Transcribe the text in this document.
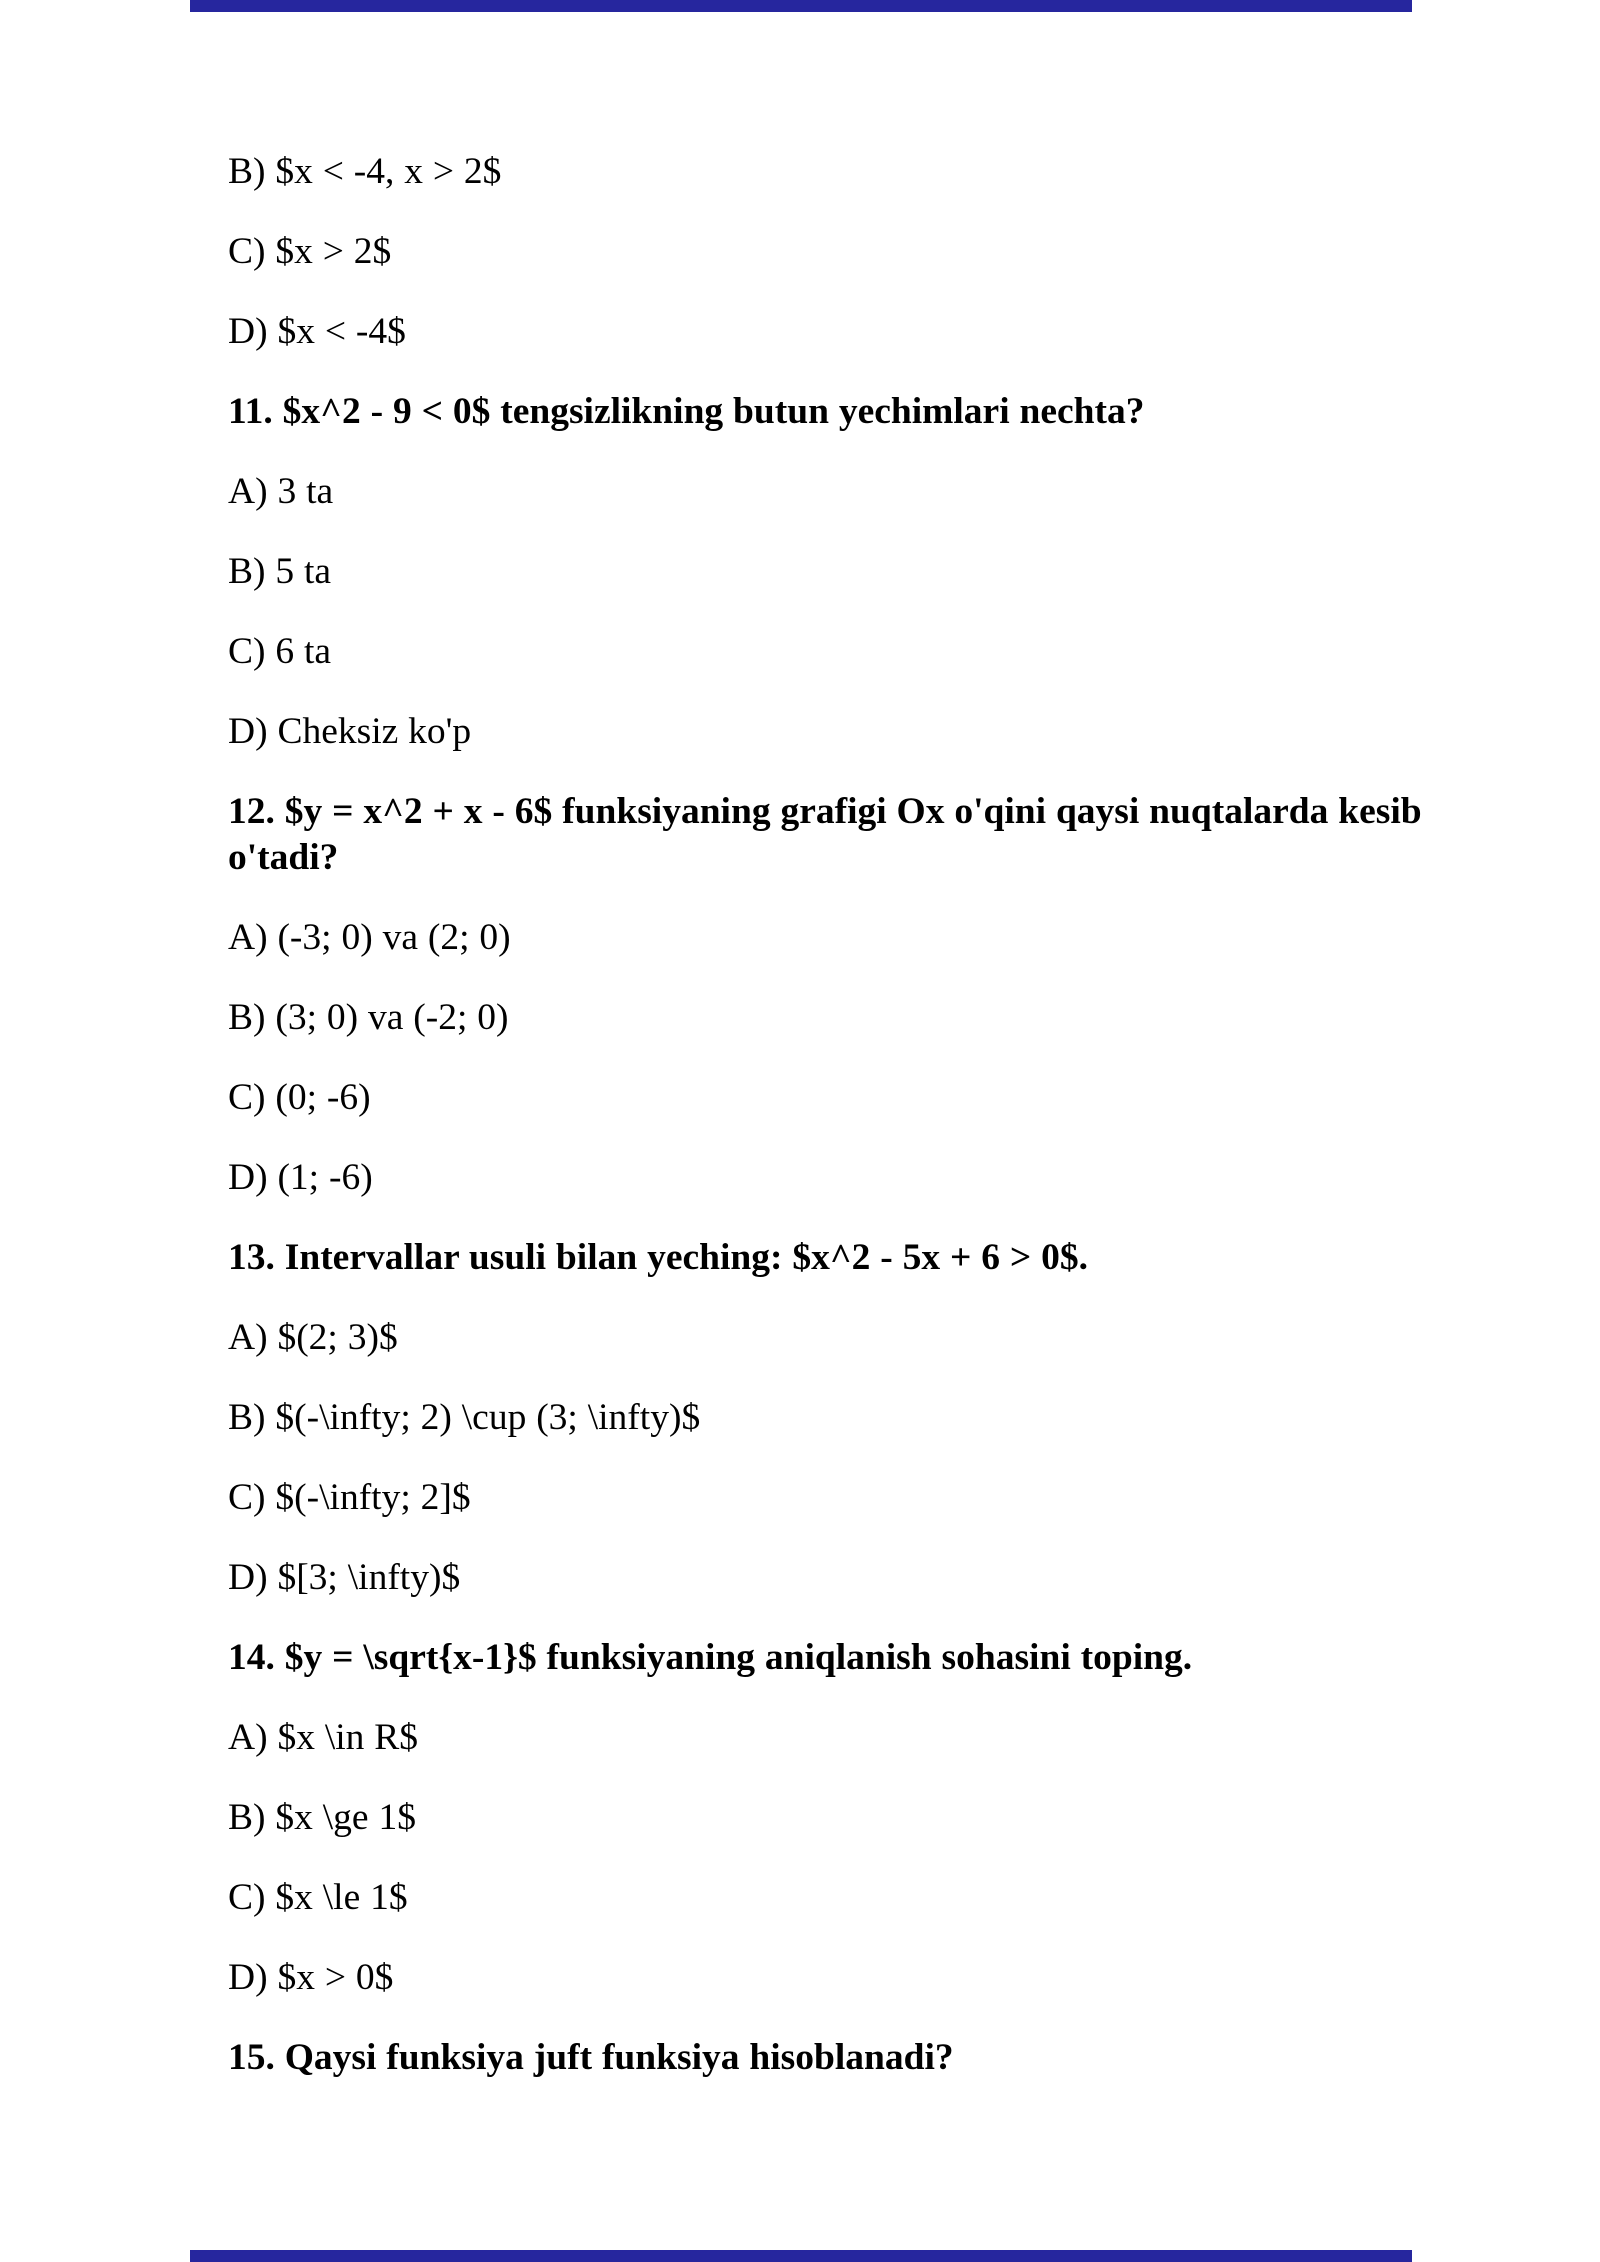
B) $x < -4, x > 2$

C) $x > 2$

D) $x < -4$

11. $x^2 - 9 < 0$ tengsizlikning butun yechimlari nechta?

A) 3 ta

B) 5 ta

C) 6 ta

D) Cheksiz ko'p

12. $y = x^2 + x - 6$ funksiyaning grafigi Ox o'qini qaysi nuqtalarda kesib o'tadi?

A) (-3; 0) va (2; 0)

B) (3; 0) va (-2; 0)

C) (0; -6)

D) (1; -6)

13. Intervallar usuli bilan yeching: $x^2 - 5x + 6 > 0$.

A) $(2; 3)$

B) $(-\infty; 2) \cup (3; \infty)$

C) $(-\infty; 2]$

D) $[3; \infty)$

14. $y = \sqrt{x-1}$ funksiyaning aniqlanish sohasini toping.

A) $x \in R$

B) $x \ge 1$

C) $x \le 1$

D) $x > 0$

15. Qaysi funksiya juft funksiya hisoblanadi?
